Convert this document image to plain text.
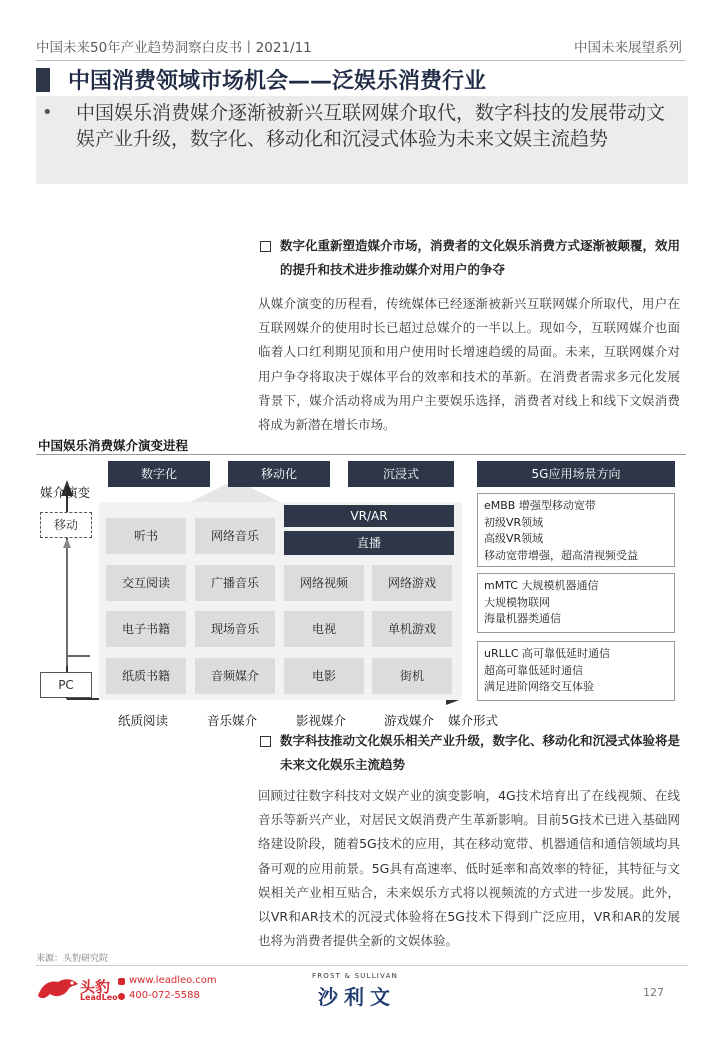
中国未来50年产业趋势洞察白皮书丨2021/11	中国未来展望系列
中国消费领域市场机会——泛娱乐消费行业
• 中国娱乐消费媒介逐渐被新兴互联网媒介取代，数字科技的发展带动文娱产业升级，数字化、移动化和沉浸式体验为未来文娱主流趋势
数字化重新塑造媒介市场，消费者的文化娱乐消费方式逐渐被颠覆，效用的提升和技术进步推动媒介对用户的争夺
从媒介演变的历程看，传统媒体已经逐渐被新兴互联网媒介所取代，用户在互联网媒介的使用时长已超过总媒介的一半以上。现如今，互联网媒介也面临着人口红利期见顶和用户使用时长增速趋缓的局面。未来，互联网媒介对用户争夺将取决于媒体平台的效率和技术的革新。在消费者需求多元化发展背景下，媒介活动将成为用户主要娱乐选择，消费者对线上和线下文娱消费将成为新潜在增长市场。
中国娱乐消费媒介演变进程
媒介演变
媒介形式
移动
PC
数字化	移动化	沉浸式
VR/AR
直播
听书
交互阅读
电子书籍
纸质书籍
网络音乐
广播音乐
现场音乐
音频媒介
网络视频
电视
电影
网络游戏
单机游戏
街机
纸质阅读	音乐媒介	影视媒介	游戏媒介
5G应用场景方向
eMBB 增强型移动宽带
初级VR领域
高级VR领域
移动宽带增强，超高清视频受益
mMTC 大规模机器通信
大规模物联网
海量机器类通信
uRLLC 高可靠低延时通信
超高可靠低延时通信
满足进阶网络交互体验
数字科技推动文化娱乐相关产业升级，数字化、移动化和沉浸式体验将是未来文化娱乐主流趋势
回顾过往数字科技对文娱产业的演变影响，4G技术培育出了在线视频、在线音乐等新兴产业，对居民文娱消费产生革新影响。目前5G技术已进入基础网络建设阶段，随着5G技术的应用，其在移动宽带、机器通信和通信领域均具备可观的应用前景。5G具有高速率、低时延率和高效率的特征，其特征与文娱相关产业相互贴合，未来娱乐方式将以视频流的方式进一步发展。此外，以VR和AR技术的沉浸式体验将在5G技术下得到广泛应用，VR和AR的发展也将为消费者提供全新的文娱体验。
来源：头豹研究院
头豹
LeadLeo
www.leadleo.com
400-072-5588
FROST & SULLIVAN
沙利文	127
